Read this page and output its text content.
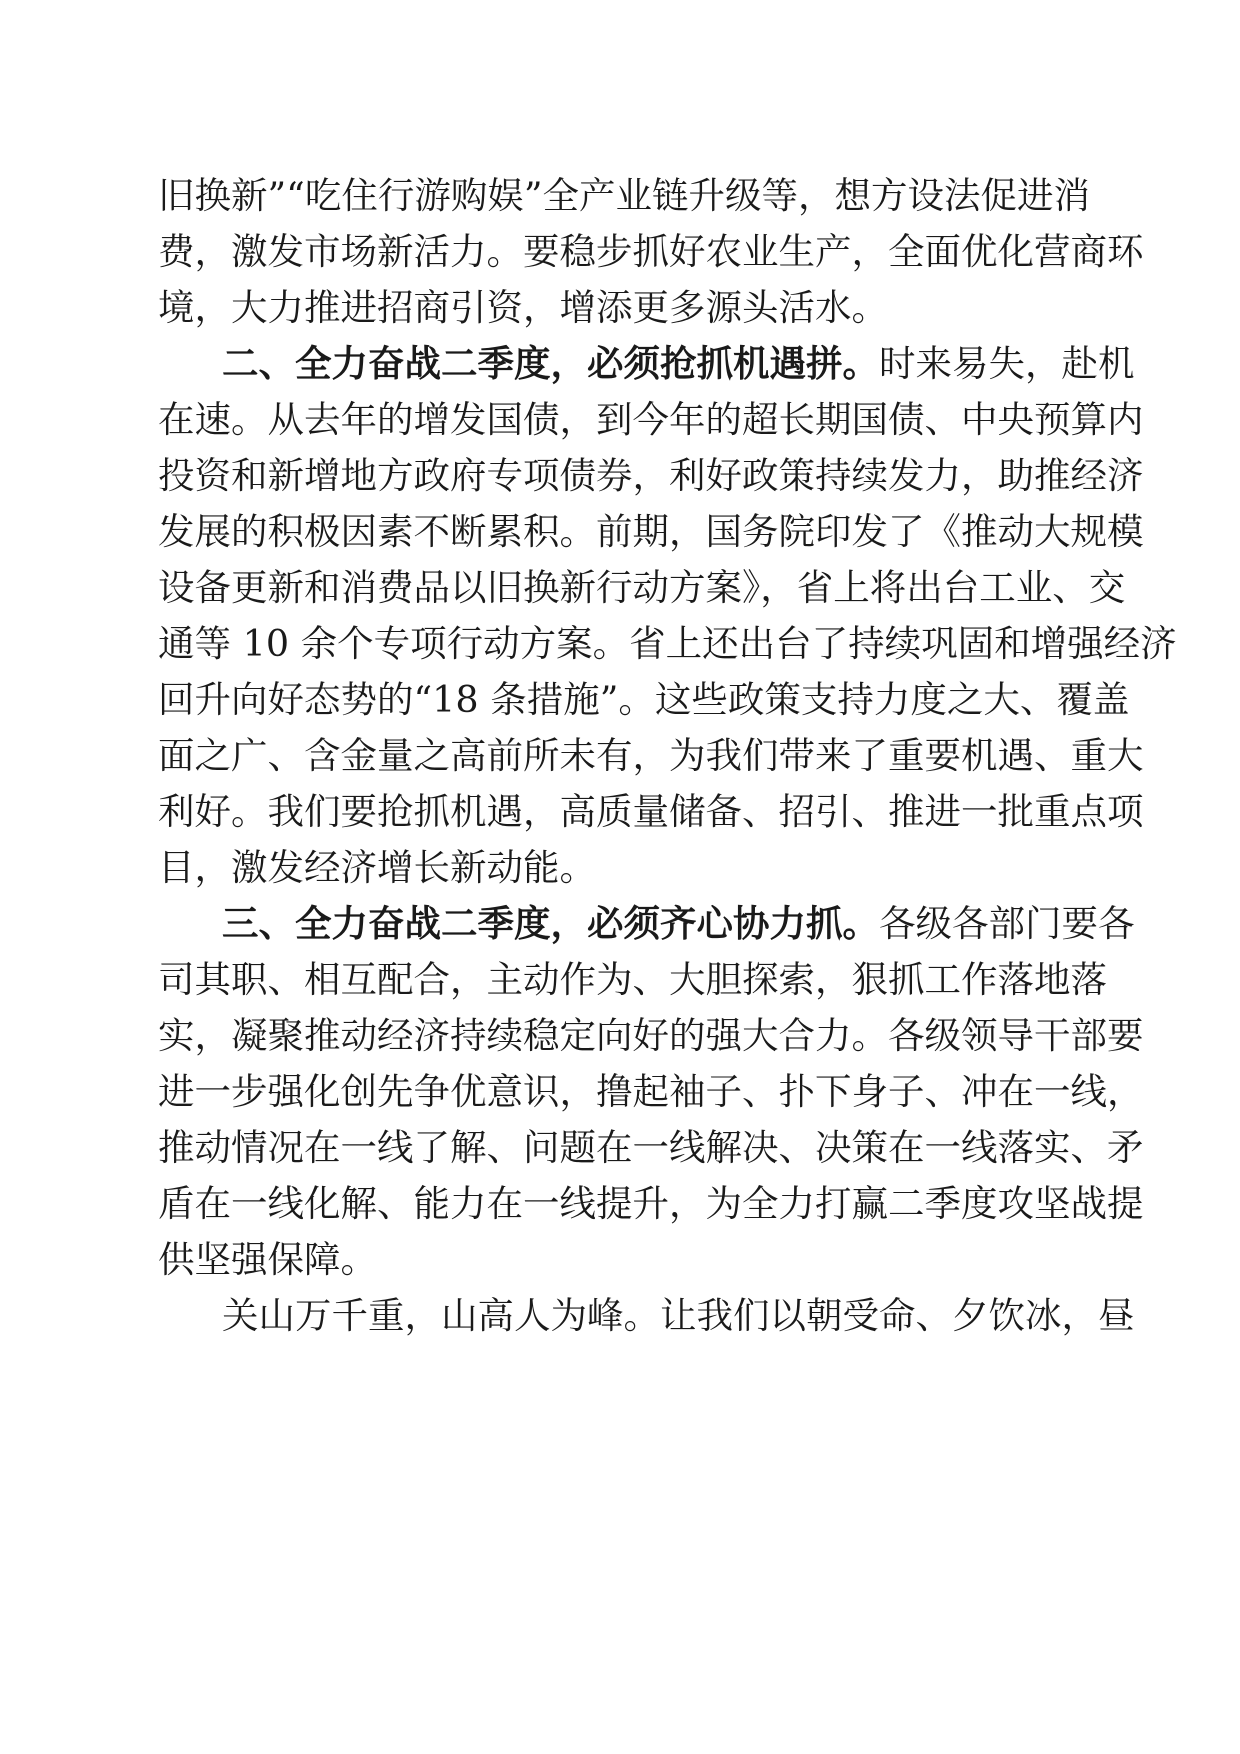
旧换新”“吃住行游购娱”全产业链升级等，想方设法促进消

费，激发市场新活力。要稳步抓好农业生产，全面优化营商环

境，大力推进招商引资，增添更多源头活水。

二、全力奋战二季度，必须抢抓机遇拼。时来易失，赴机

在速。从去年的增发国债，到今年的超长期国债、中央预算内

投资和新增地方政府专项债券，利好政策持续发力，助推经济

发展的积极因素不断累积。前期，国务院印发了《推动大规模

设备更新和消费品以旧换新行动方案》，省上将出台工业、交

通等 10 余个专项行动方案。省上还出台了持续巩固和增强经济

回升向好态势的“18 条措施”。这些政策支持力度之大、覆盖

面之广、含金量之高前所未有，为我们带来了重要机遇、重大

利好。我们要抢抓机遇，高质量储备、招引、推进一批重点项

目，激发经济增长新动能。

三、全力奋战二季度，必须齐心协力抓。各级各部门要各

司其职、相互配合，主动作为、大胆探索，狠抓工作落地落

实，凝聚推动经济持续稳定向好的强大合力。各级领导干部要

进一步强化创先争优意识，撸起袖子、扑下身子、冲在一线，

推动情况在一线了解、问题在一线解决、决策在一线落实、矛

盾在一线化解、能力在一线提升，为全力打赢二季度攻坚战提

供坚强保障。

关山万千重，山高人为峰。让我们以朝受命、夕饮冰，昼
